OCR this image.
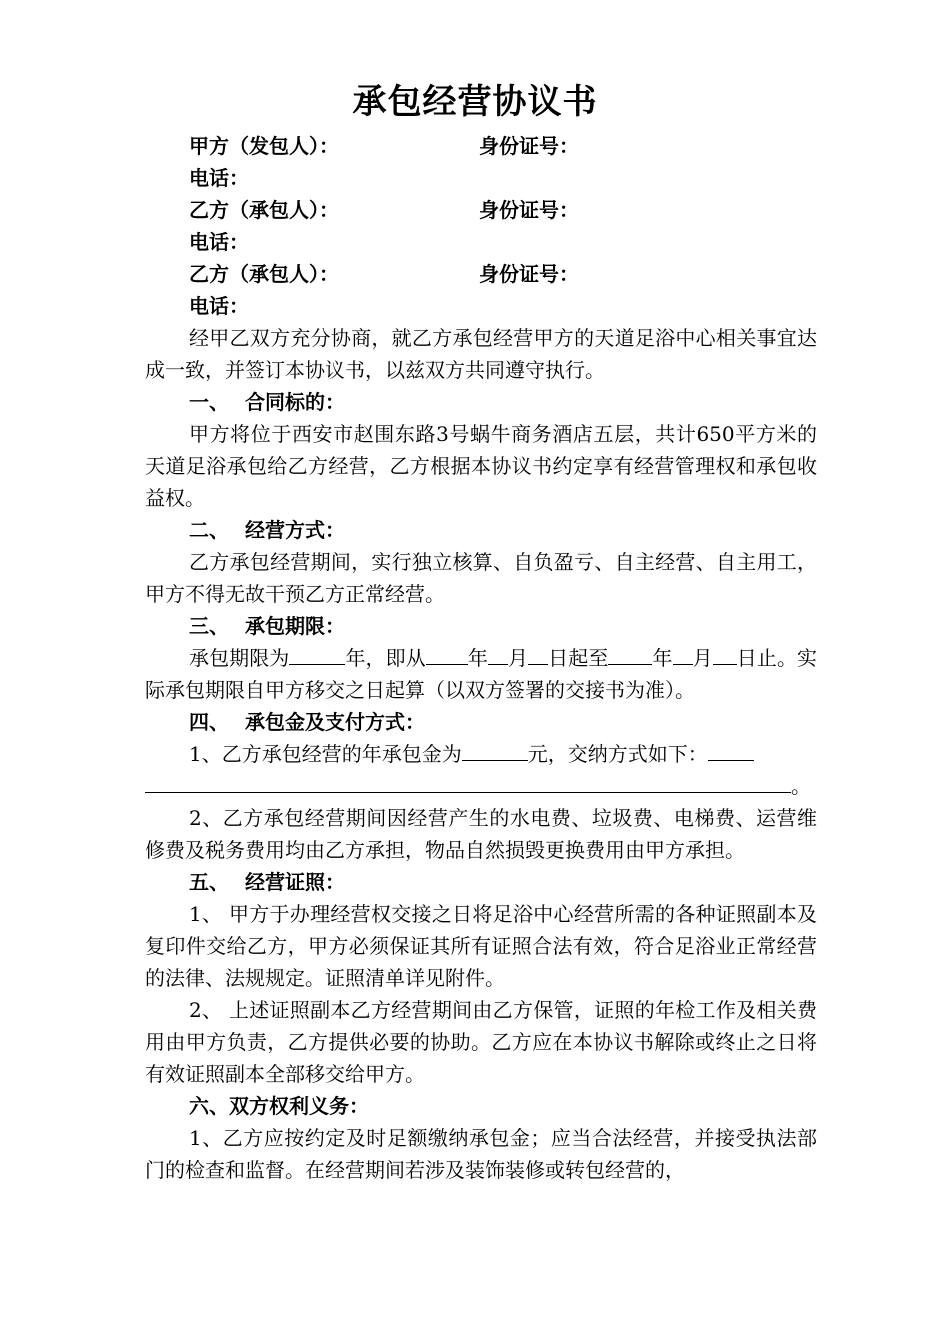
承包经营协议书
甲方（发包人）：	身份证号：
电话：
乙方（承包人）：	身份证号：
电话：
乙方（承包人）：	身份证号：
电话：
经甲乙双方充分协商，就乙方承包经营甲方的天道足浴中心相关事宜达成一致，并签订本协议书，以兹双方共同遵守执行。
一、 合同标的：
甲方将位于西安市赵围东路3号蜗牛商务酒店五层，共计650平方米的天道足浴承包给乙方经营，乙方根据本协议书约定享有经营管理权和承包收益权。
二、 经营方式：
乙方承包经营期间，实行独立核算、自负盈亏、自主经营、自主用工，甲方不得无故干预乙方正常经营。
三、 承包期限：
承包期限为	年，即从 年 月 日起至 年 月 日止。实际承包期限自甲方移交之日起算（以双方签署的交接书为准）。
四、 承包金及支付方式：
1、乙方承包经营的年承包金为	元，交纳方式如下：
。
2、乙方承包经营期间因经营产生的水电费、垃圾费、电梯费、运营维修费及税务费用均由乙方承担，物品自然损毁更换费用由甲方承担。
五、 经营证照：
1、 甲方于办理经营权交接之日将足浴中心经营所需的各种证照副本及复印件交给乙方，甲方必须保证其所有证照合法有效，符合足浴业正常经营的法律、法规规定。证照清单详见附件。
2、 上述证照副本乙方经营期间由乙方保管，证照的年检工作及相关费用由甲方负责，乙方提供必要的协助。乙方应在本协议书解除或终止之日将有效证照副本全部移交给甲方。
六、双方权利义务：
1、乙方应按约定及时足额缴纳承包金；应当合法经营，并接受执法部门的检查和监督。在经营期间若涉及装饰装修或转包经营的，
